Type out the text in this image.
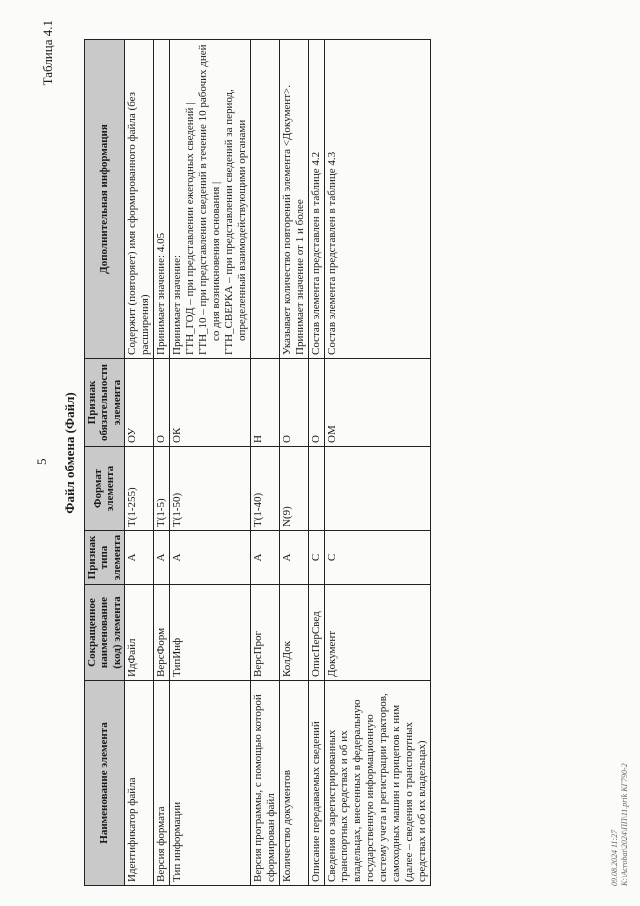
5
Таблица 4.1
Файл обмена (Файл)
Наименование элемента	Сокращенное наименование (код) элемента	Признак типа элемента	Формат элемента	Признак обязательности элемента	Дополнительная информация
Идентификатор файла	ИдФайл	А	Т(1-255)	ОУ	Содержит (повторяет) имя сформированного файла (без расширения)

Версия формата	ВерсФорм	А	Т(1-5)	О	Принимает значение: 4.05

Тип информации	ТипИнф	А	Т(1-50)	ОК	Принимает значение: ГТН_ГОД – при представлении ежегодных сведений | ГТН_10 – при представлении сведений в течение 10 рабочих дней со дня возникновения основания | ГТН_СВЕРКА – при представлении сведений за период, определенный взаимодействующими органами

Версия программы, с помощью которой сформирован файл	ВерсПрог	А	Т(1-40)	Н	

Количество документов	КолДок	А	N(9)	О	Указывает количество повторений элемента <Документ>. Принимает значение от 1 и более

Описание передаваемых сведений	ОписПерСвед	С		О	Состав элемента представлен в таблице 4.2

Сведения о зарегистрированных транспортных средствах и об их владельцах, внесенных в федеральную государственную информационную систему учета и регистрации тракторов, самоходных машин и прицепов к ним (далее – сведения о транспортных средствах и об их владельцах)	Документ	С		ОМ	Состав элемента представлен в таблице 4.3

09.08.2024 11:27 К:\Acrobat\2024\ПП\11.prik КГ790-2
